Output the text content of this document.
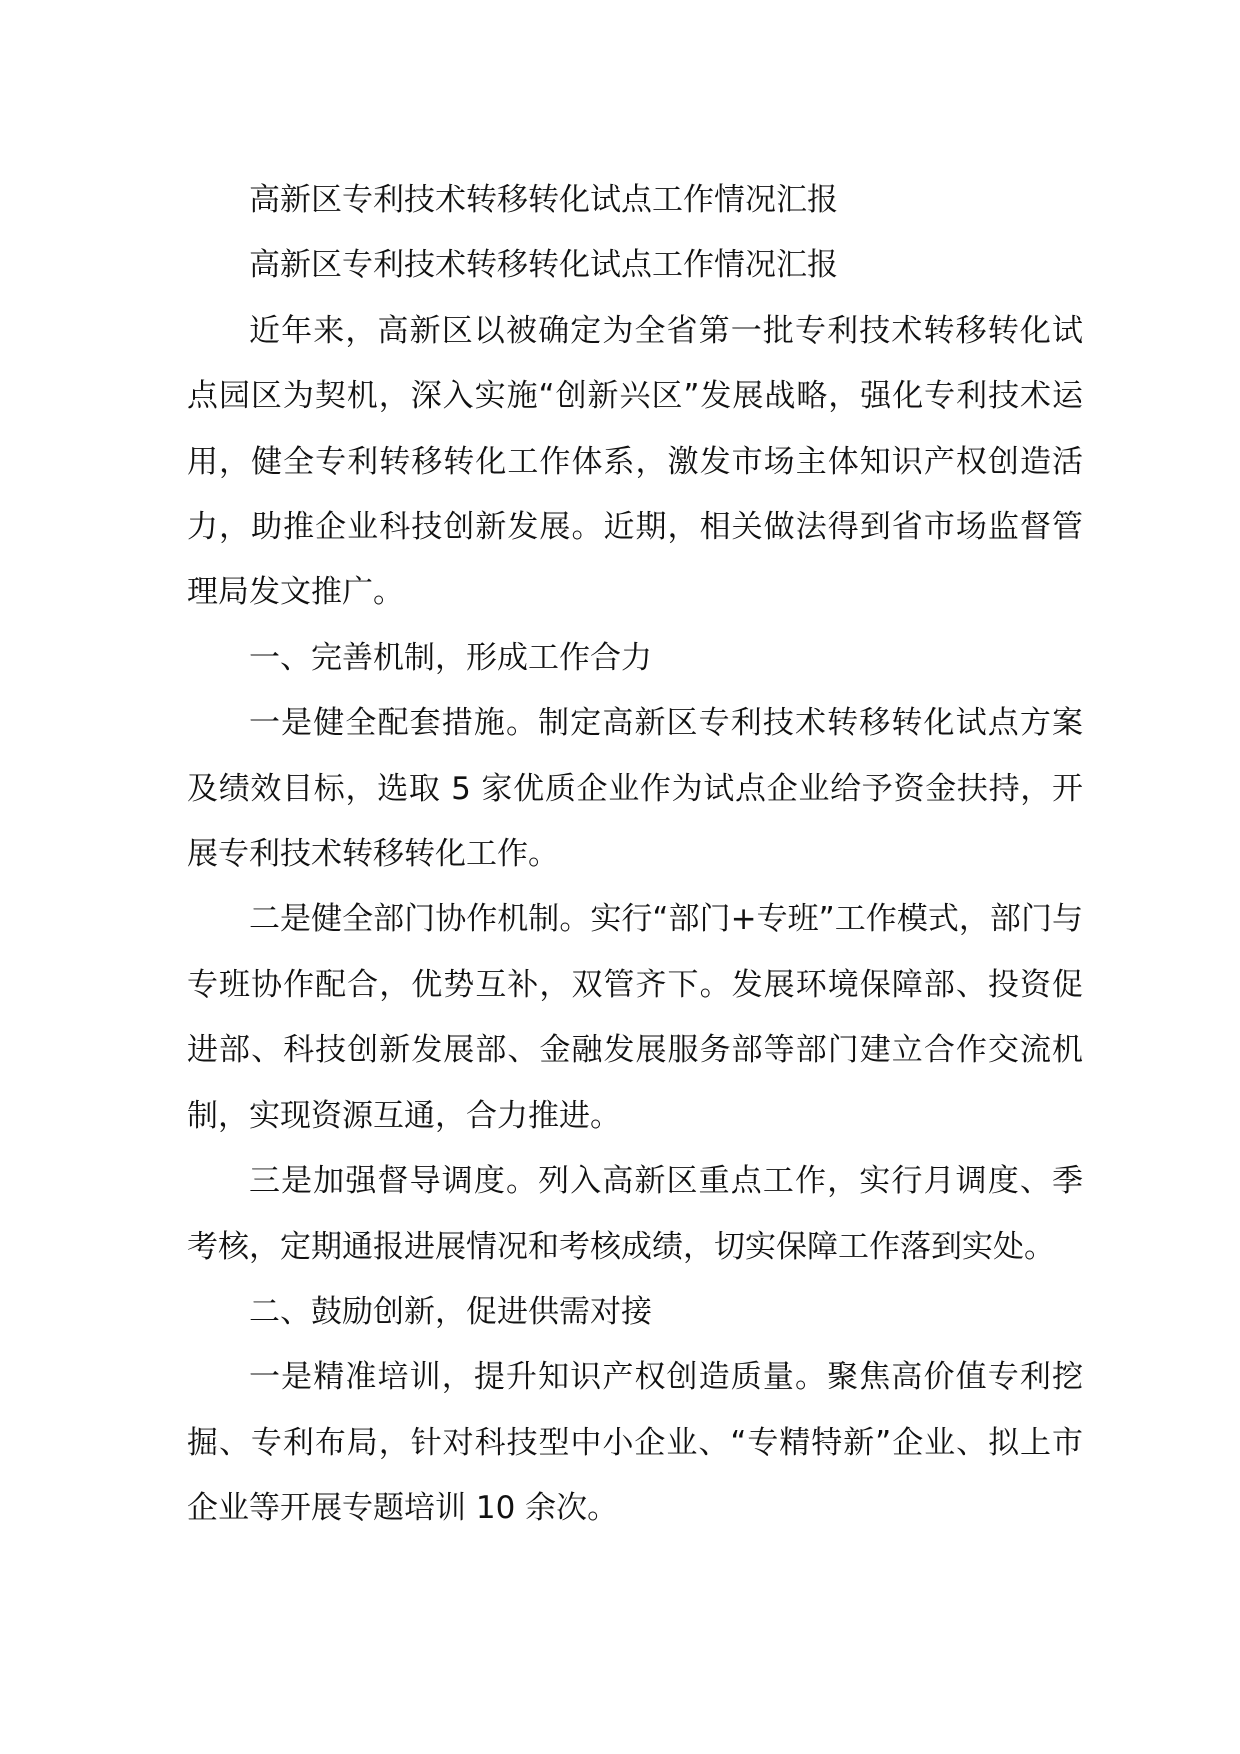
高新区专利技术转移转化试点工作情况汇报

高新区专利技术转移转化试点工作情况汇报

近年来，高新区以被确定为全省第一批专利技术转移转化试点园区为契机，深入实施“创新兴区”发展战略，强化专利技术运用，健全专利转移转化工作体系，激发市场主体知识产权创造活力，助推企业科技创新发展。近期，相关做法得到省市场监督管理局发文推广。

一、完善机制，形成工作合力

一是健全配套措施。制定高新区专利技术转移转化试点方案及绩效目标，选取 5 家优质企业作为试点企业给予资金扶持，开展专利技术转移转化工作。

二是健全部门协作机制。实行“部门+专班”工作模式，部门与专班协作配合，优势互补，双管齐下。发展环境保障部、投资促进部、科技创新发展部、金融发展服务部等部门建立合作交流机制，实现资源互通，合力推进。

三是加强督导调度。列入高新区重点工作，实行月调度、季考核，定期通报进展情况和考核成绩，切实保障工作落到实处。

二、鼓励创新，促进供需对接

一是精准培训，提升知识产权创造质量。聚焦高价值专利挖掘、专利布局，针对科技型中小企业、“专精特新”企业、拟上市企业等开展专题培训 10 余次。
